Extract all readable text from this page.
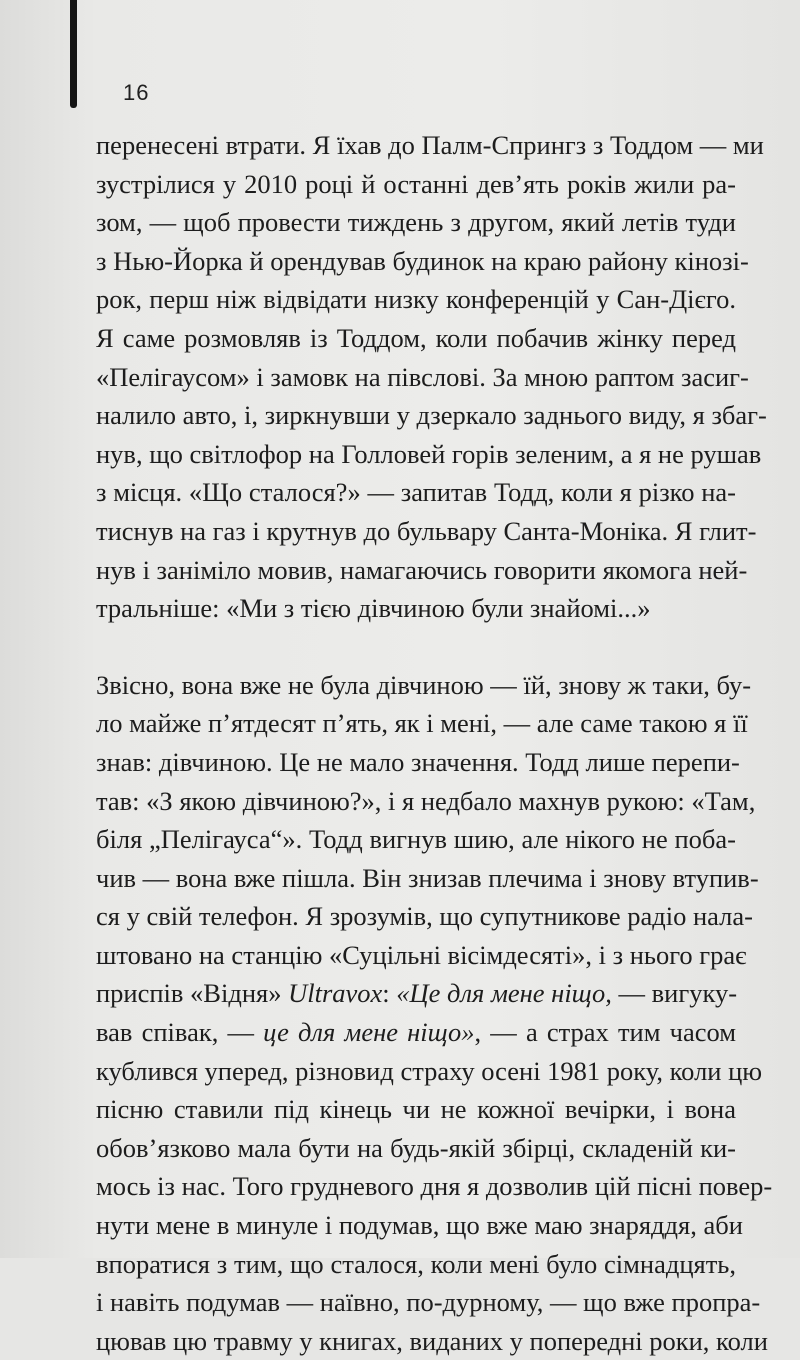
16

перенесені втрати. Я їхав до Палм-Спрингз з Тоддом — ми
зустрілися у 2010 році й останні дев’ять років жили ра-
зом, — щоб провести тиждень з другом, який летів туди
з Нью-Йорка й орендував будинок на краю району кінозі-
рок, перш ніж відвідати низку конференцій у Сан-Дієго.
Я саме розмовляв із Тоддом, коли побачив жінку перед
«Пелігаусом» і замовк на півслові. За мною раптом засиг-
налило авто, і, зиркнувши у дзеркало заднього виду, я збаг-
нув, що світлофор на Голловей горів зеленим, а я не рушав
з місця. «Що сталося?» — запитав Тодд, коли я різко на-
тиснув на газ і крутнув до бульвару Санта-Моніка. Я глит-
нув і заніміло мовив, намагаючись говорити якомога ней-
тральніше: «Ми з тією дівчиною були знайомі...»

Звісно, вона вже не була дівчиною — їй, знову ж таки, бу-
ло майже п’ятдесят п’ять, як і мені, — але саме такою я її
знав: дівчиною. Це не мало значення. Тодд лише перепи-
тав: «З якою дівчиною?», і я недбало махнув рукою: «Там,
біля „Пелігауса“». Тодд вигнув шию, але нікого не поба-
чив — вона вже пішла. Він знизав плечима і знову втупив-
ся у свій телефон. Я зрозумів, що супутникове радіо нала-
штовано на станцію «Суцільні вісімдесяті», і з нього грає
приспів «Відня» Ultravox: «Це для мене ніщо, — вигуку-
вав співак, — це для мене ніщо», — а страх тим часом
кублився уперед, різновид страху осені 1981 року, коли цю
пісню ставили під кінець чи не кожної вечірки, і вона
обов’язково мала бути на будь-якій збірці, складеній ки-
мось із нас. Того грудневого дня я дозволив цій пісні повер-
нути мене в минуле і подумав, що вже маю знаряддя, аби
впоратися з тим, що сталося, коли мені було сімнадцять,
і навіть подумав — наївно, по-дурному, — що вже пропра-
цював цю травму у книгах, виданих у попередні роки, коли
